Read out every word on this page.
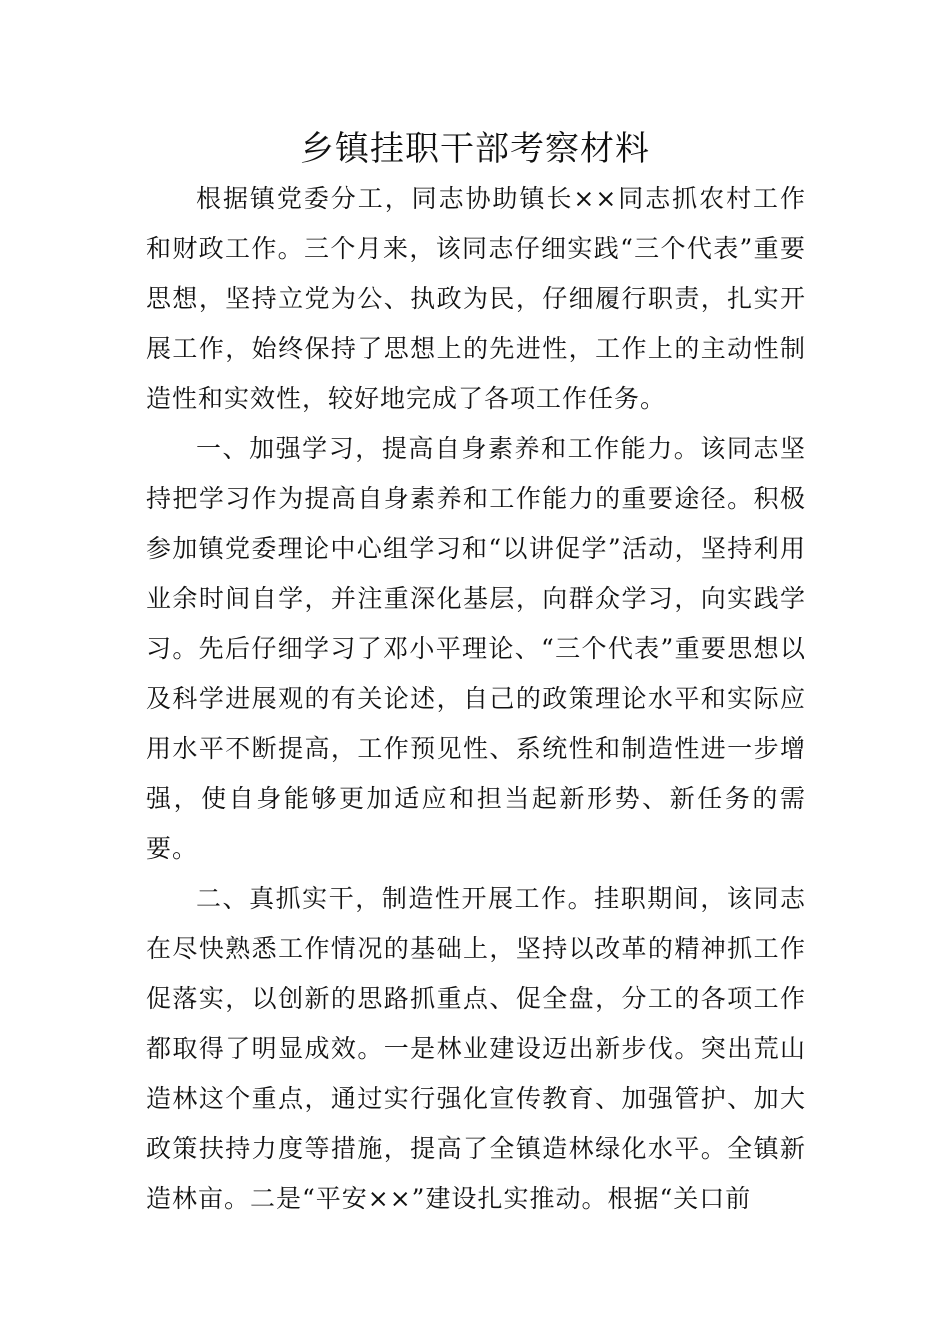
乡镇挂职干部考察材料

根据镇党委分工，同志协助镇长××同志抓农村工作和财政工作。三个月来，该同志仔细实践“三个代表”重要思想，坚持立党为公、执政为民，仔细履行职责，扎实开展工作，始终保持了思想上的先进性，工作上的主动性制造性和实效性，较好地完成了各项工作任务。

一、加强学习，提高自身素养和工作能力。该同志坚持把学习作为提高自身素养和工作能力的重要途径。积极参加镇党委理论中心组学习和“以讲促学”活动，坚持利用业余时间自学，并注重深化基层，向群众学习，向实践学习。先后仔细学习了邓小平理论、“三个代表”重要思想以及科学进展观的有关论述，自己的政策理论水平和实际应用水平不断提高，工作预见性、系统性和制造性进一步增强，使自身能够更加适应和担当起新形势、新任务的需要。

二、真抓实干，制造性开展工作。挂职期间，该同志在尽快熟悉工作情况的基础上，坚持以改革的精神抓工作促落实，以创新的思路抓重点、促全盘，分工的各项工作都取得了明显成效。一是林业建设迈出新步伐。突出荒山造林这个重点，通过实行强化宣传教育、加强管护、加大政策扶持力度等措施，提高了全镇造林绿化水平。全镇新造林亩。二是“平安××”建设扎实推动。根据“关口前
